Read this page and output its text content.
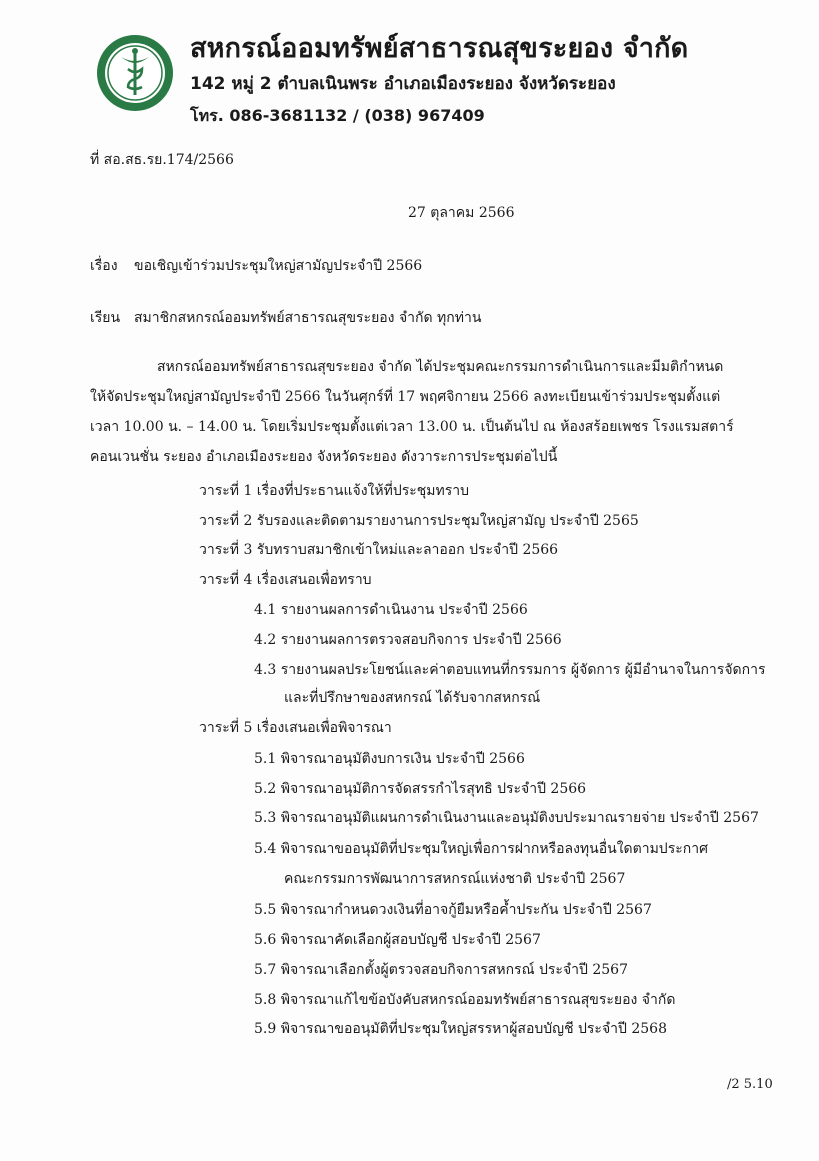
สหกรณ์ออมทรัพย์สาธารณสุขระยอง จำกัด
142 หมู่ 2 ตำบลเนินพระ อำเภอเมืองระยอง จังหวัดระยอง
โทร. 086-3681132 / (038) 967409
ที่ สอ.สธ.รย.174/2566
27 ตุลาคม 2566
เรื่อง ขอเชิญเข้าร่วมประชุมใหญ่สามัญประจำปี 2566
เรียน สมาชิกสหกรณ์ออมทรัพย์สาธารณสุขระยอง จำกัด ทุกท่าน
สหกรณ์ออมทรัพย์สาธารณสุขระยอง จำกัด ได้ประชุมคณะกรรมการดำเนินการและมีมติกำหนด
ให้จัดประชุมใหญ่สามัญประจำปี 2566 ในวันศุกร์ที่ 17 พฤศจิกายน 2566 ลงทะเบียนเข้าร่วมประชุมตั้งแต่
เวลา 10.00 น. – 14.00 น. โดยเริ่มประชุมตั้งแต่เวลา 13.00 น. เป็นต้นไป ณ ห้องสร้อยเพชร โรงแรมสตาร์
คอนเวนชั่น ระยอง อำเภอเมืองระยอง จังหวัดระยอง ดังวาระการประชุมต่อไปนี้
วาระที่ 1 เรื่องที่ประธานแจ้งให้ที่ประชุมทราบ
วาระที่ 2 รับรองและติดตามรายงานการประชุมใหญ่สามัญ ประจำปี 2565
วาระที่ 3 รับทราบสมาชิกเข้าใหม่และลาออก ประจำปี 2566
วาระที่ 4 เรื่องเสนอเพื่อทราบ
4.1 รายงานผลการดำเนินงาน ประจำปี 2566
4.2 รายงานผลการตรวจสอบกิจการ ประจำปี 2566
4.3 รายงานผลประโยชน์และค่าตอบแทนที่กรรมการ ผู้จัดการ ผู้มีอำนาจในการจัดการ
และที่ปรึกษาของสหกรณ์ ได้รับจากสหกรณ์
วาระที่ 5 เรื่องเสนอเพื่อพิจารณา
5.1 พิจารณาอนุมัติงบการเงิน ประจำปี 2566
5.2 พิจารณาอนุมัติการจัดสรรกำไรสุทธิ ประจำปี 2566
5.3 พิจารณาอนุมัติแผนการดำเนินงานและอนุมัติงบประมาณรายจ่าย ประจำปี 2567
5.4 พิจารณาขออนุมัติที่ประชุมใหญ่เพื่อการฝากหรือลงทุนอื่นใดตามประกาศ
คณะกรรมการพัฒนาการสหกรณ์แห่งชาติ ประจำปี 2567
5.5 พิจารณากำหนดวงเงินที่อาจกู้ยืมหรือค้ำประกัน ประจำปี 2567
5.6 พิจารณาคัดเลือกผู้สอบบัญชี ประจำปี 2567
5.7 พิจารณาเลือกตั้งผู้ตรวจสอบกิจการสหกรณ์ ประจำปี 2567
5.8 พิจารณาแก้ไขข้อบังคับสหกรณ์ออมทรัพย์สาธารณสุขระยอง จำกัด
5.9 พิจารณาขออนุมัติที่ประชุมใหญ่สรรหาผู้สอบบัญชี ประจำปี 2568
/2 5.10
